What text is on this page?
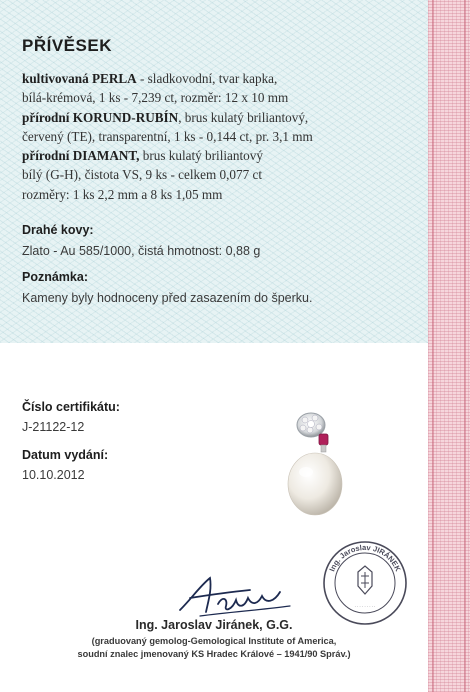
PŘÍVĚSEK
kultivovaná PERLA - sladkovodní, tvar kapka,
bílá-krémová, 1 ks - 7,239 ct, rozměr: 12 x 10 mm
přírodní KORUND-RUBÍN, brus kulatý briliantový,
červený (TE), transparentní, 1 ks - 0,144 ct, pr. 3,1 mm
přírodní DIAMANT, brus kulatý briliantový
bílý (G-H), čistota VS, 9 ks - celkem 0,077 ct
rozměry: 1 ks 2,2 mm a 8 ks 1,05 mm

Drahé kovy:

Zlato - Au 585/1000, čistá hmotnost: 0,88 g

Poznámka:

Kameny byly hodnoceny před zasazením do šperku.

Číslo certifikátu:

J-21122-12

Datum vydání:

10.10.2012

Ing. Jaroslav JIRÁNEK
· · · · · · · · ·
Ing. Jaroslav Jiránek, G.G.
(graduovaný gemolog-Gemological Institute of America,
soudní znalec jmenovaný KS Hradec Králové – 1941/90 Správ.)
